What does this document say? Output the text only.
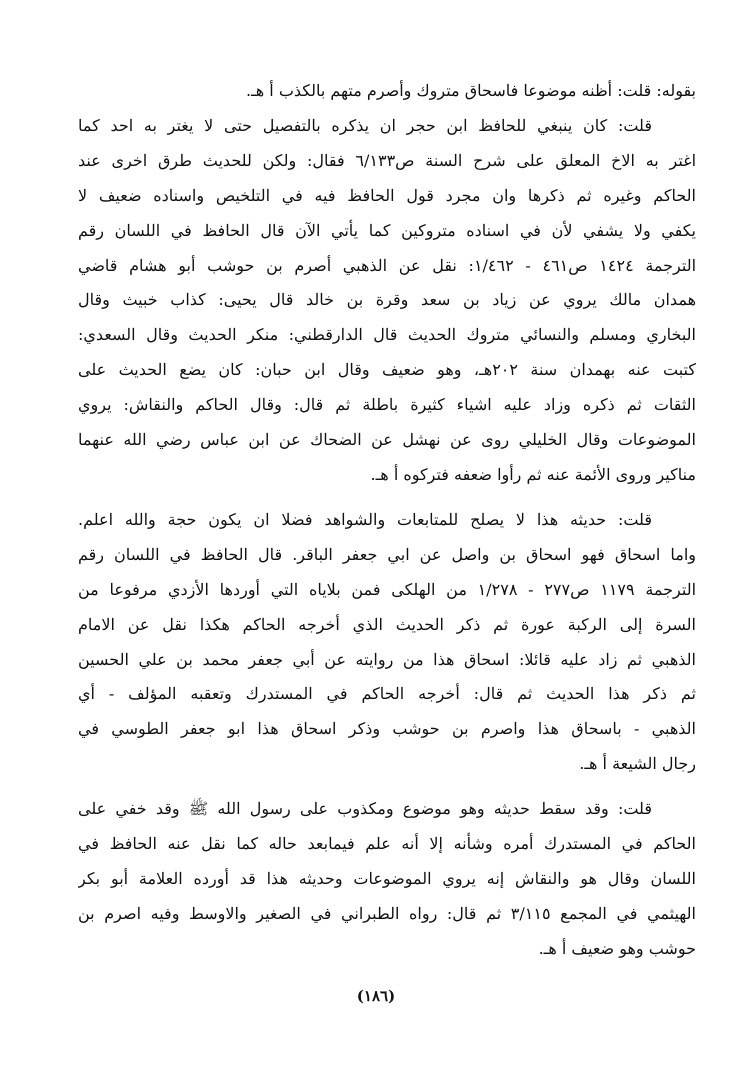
بقوله: قلت: أظنه موضوعا فاسحاق متروك وأصرم متهم بالكذب أ هـ.
قلت: كان ينبغي للحافظ ابن حجر ان يذكره بالتفصيل حتى لا يغتر به احد كما
اغتر به الاخ المعلق على شرح السنة ص٦/١٣٣ فقال: ولكن للحديث طرق اخرى عند
الحاكم وغيره ثم ذكرها وان مجرد قول الحافظ فيه في التلخيص واسناده ضعيف لا
يكفي ولا يشفي لأن في اسناده متروكين كما يأتي الآن قال الحافظ في اللسان رقم
الترجمة ١٤٢٤ ص٤٦١ - ١/٤٦٢: نقل عن الذهبي أصرم بن حوشب أبو هشام قاضي
همدان مالك يروي عن زياد بن سعد وقرة بن خالد قال يحيى: كذاب خبيث وقال
البخاري ومسلم والنسائي متروك الحديث قال الدارقطني: منكر الحديث وقال السعدي:
كتبت عنه بهمدان سنة ٢٠٢هـ، وهو ضعيف وقال ابن حبان: كان يضع الحديث على
الثقات ثم ذكره وزاد عليه اشياء كثيرة باطلة ثم قال: وقال الحاكم والنقاش: يروي
الموضوعات وقال الخليلي روى عن نهشل عن الضحاك عن ابن عباس رضي الله عنهما
مناكير وروى الأئمة عنه ثم رأوا ضعفه فتركوه أ هـ.
قلت: حديثه هذا لا يصلح للمتابعات والشواهد فضلا ان يكون حجة والله اعلم.
واما اسحاق فهو اسحاق بن واصل عن ابي جعفر الباقر. قال الحافظ في اللسان رقم
الترجمة ١١٧٩ ص٢٧٧ - ١/٢٧٨ من الهلكى فمن بلاياه التي أوردها الأزدي مرفوعا من
السرة إلى الركبة عورة ثم ذكر الحديث الذي أخرجه الحاكم هكذا نقل عن الامام
الذهبي ثم زاد عليه قائلا: اسحاق هذا من روايته عن أبي جعفر محمد بن علي الحسين
ثم ذكر هذا الحديث ثم قال: أخرجه الحاكم في المستدرك وتعقبه المؤلف - أي
الذهبي - باسحاق هذا واصرم بن حوشب وذكر اسحاق هذا ابو جعفر الطوسي في
رجال الشيعة أ هـ.
قلت: وقد سقط حديثه وهو موضوع ومكذوب على رسول الله ﷺ وقد خفي على
الحاكم في المستدرك أمره وشأنه إلا أنه علم فيمابعد حاله كما نقل عنه الحافظ في
اللسان وقال هو والنقاش إنه يروي الموضوعات وحديثه هذا قد أورده العلامة أبو بكر
الهيثمي في المجمع ٣/١١٥ ثم قال: رواه الطبراني في الصغير والاوسط وفيه اصرم بن
حوشب وهو ضعيف أ هـ.
(١٨٦)
